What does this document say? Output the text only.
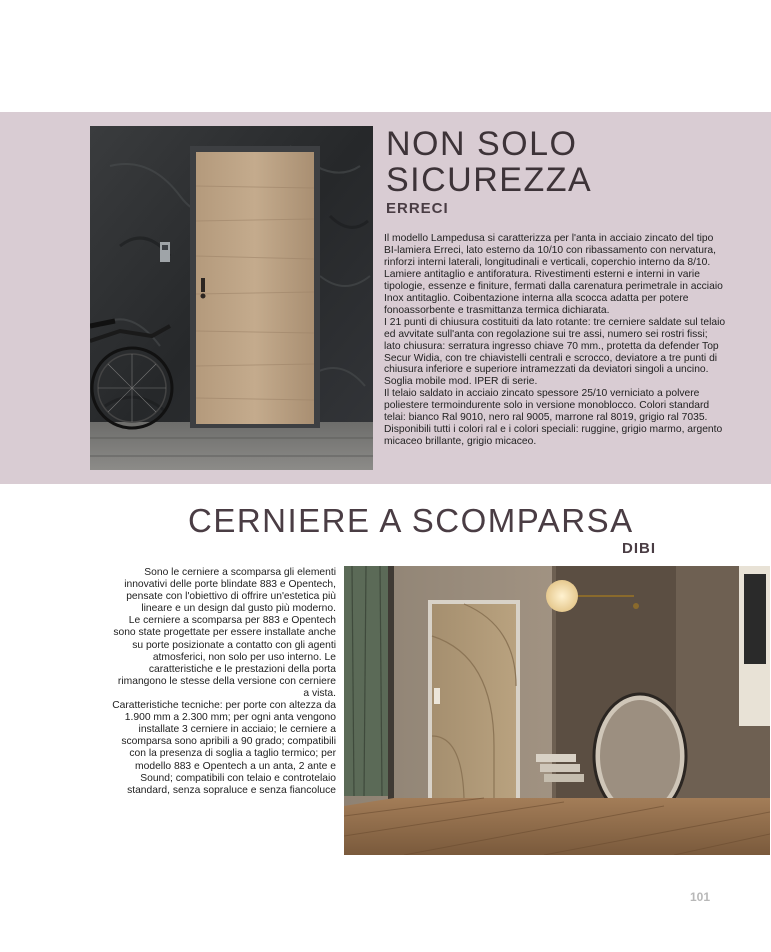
NON SOLO
SICUREZZA
ERRECI

Il modello Lampedusa si caratterizza per l'anta in acciaio zincato del tipo BI-lamiera Erreci, lato esterno da 10/10 con ribassamento con nervatura, rinforzi interni laterali, longitudinali e verticali, coperchio interno da 8/10. Lamiere antitaglio e antiforatura. Rivestimenti esterni e interni in varie tipologie, essenze e finiture, fermati dalla carenatura perimetrale in acciaio Inox antitaglio. Coibentazione interna alla scocca adatta per potere fonoassorbente e trasmittanza termica dichiarata.

I 21 punti di chiusura costituiti da lato rotante: tre cerniere saldate sul telaio ed avvitate sull'anta con regolazione sui tre assi, numero sei rostri fissi; lato chiusura: serratura ingresso chiave 70 mm., protetta da defender Top Secur Widia, con tre chiavistelli centrali e scrocco, deviatore a tre punti di chiusura inferiore e superiore intramezzati da deviatori singoli a uncino. Soglia mobile mod. IPER di serie.

Il telaio saldato in acciaio zincato spessore 25/10 verniciato a polvere poliestere termoindurente solo in versione monoblocco. Colori standard telai: bianco Ral 9010, nero ral 9005, marrone ral 8019, grigio ral 7035. Disponibili tutti i colori ral e i colori speciali: ruggine, grigio marmo, argento micaceo brillante, grigio micaceo.

CERNIERE A SCOMPARSA
DIBI

Sono le cerniere a scomparsa gli elementi innovativi delle porte blindate 883 e Opentech, pensate con l'obiettivo di offrire un'estetica più lineare e un design dal gusto più moderno.

Le cerniere a scomparsa per 883 e Opentech sono state progettate per essere installate anche su porte posizionate a contatto con gli agenti atmosferici, non solo per uso interno. Le caratteristiche e le prestazioni della porta rimangono le stesse della versione con cerniere a vista.

Caratteristiche tecniche: per porte con altezza da 1.900 mm a 2.300 mm; per ogni anta vengono installate 3 cerniere in acciaio; le cerniere a scomparsa sono apribili a 90 grado; compatibili con la presenza di soglia a taglio termico; per modello 883 e Opentech a un anta, 2 ante e Sound; compatibili con telaio e controtelaio standard, senza sopraluce e senza fiancoluce

101
